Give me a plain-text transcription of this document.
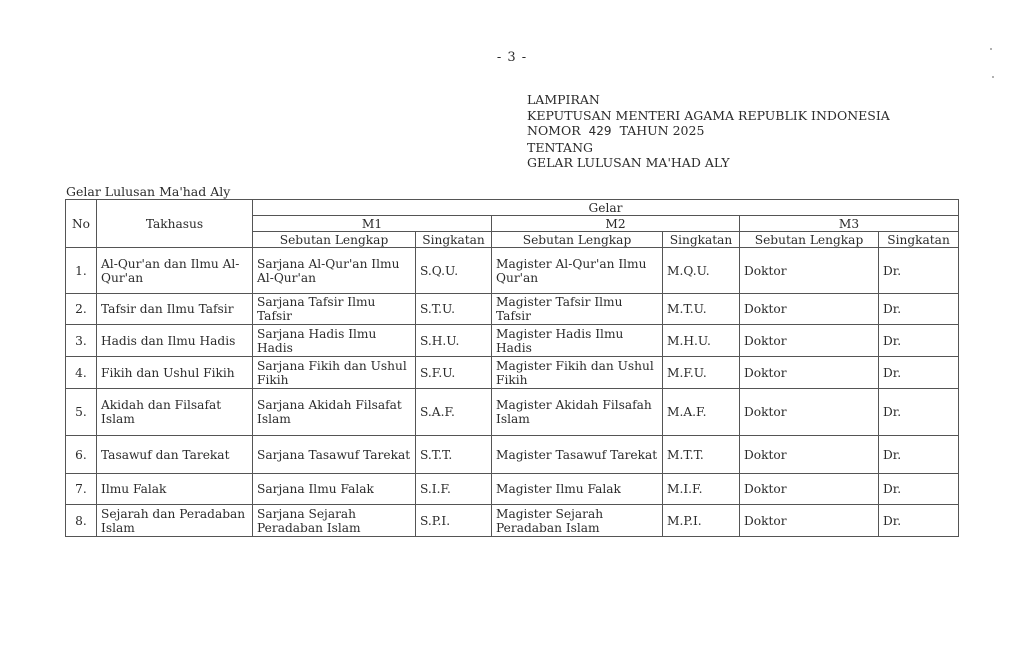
- 3 -
LAMPIRAN
KEPUTUSAN MENTERI AGAMA REPUBLIK INDONESIA
NOMOR 429 TAHUN 2025
TENTANG
GELAR LULUSAN MA'HAD ALY
Gelar Lulusan Ma'had Aly
No	Takhasus	Gelar					
		M1		M2		M3	
		Sebutan Lengkap	Singkatan	Sebutan Lengkap	Singkatan	Sebutan Lengkap	Singkatan
1.	Al-Qur'an dan Ilmu Al-Qur'an	Sarjana Al-Qur'an Ilmu Al-Qur'an	S.Q.U.	Magister Al-Qur'an Ilmu Qur'an	M.Q.U.	Doktor	Dr.
2.	Tafsir dan Ilmu Tafsir	Sarjana Tafsir Ilmu Tafsir	S.T.U.	Magister Tafsir Ilmu Tafsir	M.T.U.	Doktor	Dr.
3.	Hadis dan Ilmu Hadis	Sarjana Hadis Ilmu Hadis	S.H.U.	Magister Hadis Ilmu Hadis	M.H.U.	Doktor	Dr.
4.	Fikih dan Ushul Fikih	Sarjana Fikih dan Ushul Fikih	S.F.U.	Magister Fikih dan Ushul Fikih	M.F.U.	Doktor	Dr.
5.	Akidah dan Filsafat Islam	Sarjana Akidah Filsafat Islam	S.A.F.	Magister Akidah Filsafah Islam	M.A.F.	Doktor	Dr.
6.	Tasawuf dan Tarekat	Sarjana Tasawuf Tarekat	S.T.T.	Magister Tasawuf Tarekat	M.T.T.	Doktor	Dr.
7.	Ilmu Falak	Sarjana Ilmu Falak	S.I.F.	Magister Ilmu Falak	M.I.F.	Doktor	Dr.
8.	Sejarah dan Peradaban Islam	Sarjana Sejarah Peradaban Islam	S.P.I.	Magister Sejarah Peradaban Islam	M.P.I.	Doktor	Dr.
